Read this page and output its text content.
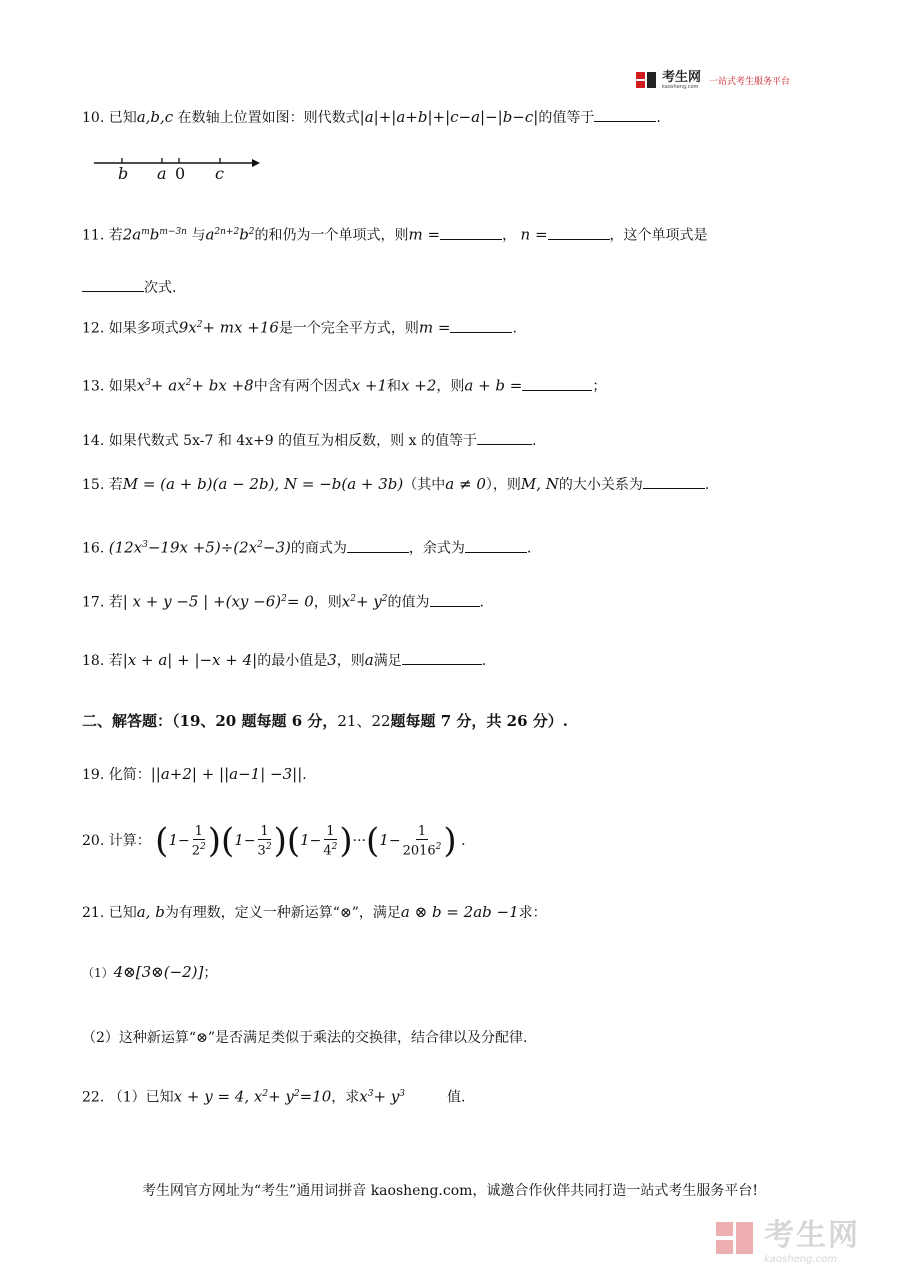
考生网
kaosheng.com 一站式考生服务平台
10. 已知a,b,c 在数轴上位置如图：则代数式|a|+|a+b|+|c−a|−|b−c|的值等于	.
b a 0 c
11. 若$2a^mb^{m-3n}$ 与$a^{2n+2}b^2$的和仍为一个单项式，则m =	， n =	，这个单项式是
次式.
12. 如果多项式$9x^2+$ mx +16是一个完全平方式，则m =	.
13. 如果$x^3+ ax^2+$ bx +8中含有两个因式x +1和x +2，则a + b =	；
14. 如果代数式 5x-7 和 4x+9 的值互为相反数，则 x 的值等于	.
15. 若M = (a + b)(a − 2b), N = −b(a + 3b)（其中a ≠ 0），则M, N的大小关系为	.
16. $(12x^3-19x +5)\div(2x^2-3)$的商式为	，余式为	.
17. 若| x + y −5 | +(xy −6)$^2$= 0，则$x^2+ y^2$的值为	.
18. 若|x + a| + |−x + 4|的最小值是3，则a满足	.
二、解答题：（19、20 题每题 6 分，21、22题每题 7 分，共 26 分）.
19. 化简：||a+2| + ||a−1| −3||.
20. 计算： $(1- \frac{1}{2^2} )(1- \frac{1}{3^2} )(1- \frac{1}{4^2} )\cdot\cdot\cdot(1- \frac{1}{2016^2}$ ) .
21. 已知a, b为有理数，定义一种新运算“⊗”，满足a ⊗ b = 2ab −1求：
（1）4⊗[3⊗(−2)]；
（2）这种新运算“⊗”是否满足类似于乘法的交换律，结合律以及分配律.
22. （1）已知x + y = 4, $x^2+ y^2=10$，求$x^3+ y^3$	值.
考生网官方网址为“考生”通用词拼音 kaosheng.com，诚邀合作伙伴共同打造一站式考生服务平台!
考生网
kaosheng.com
